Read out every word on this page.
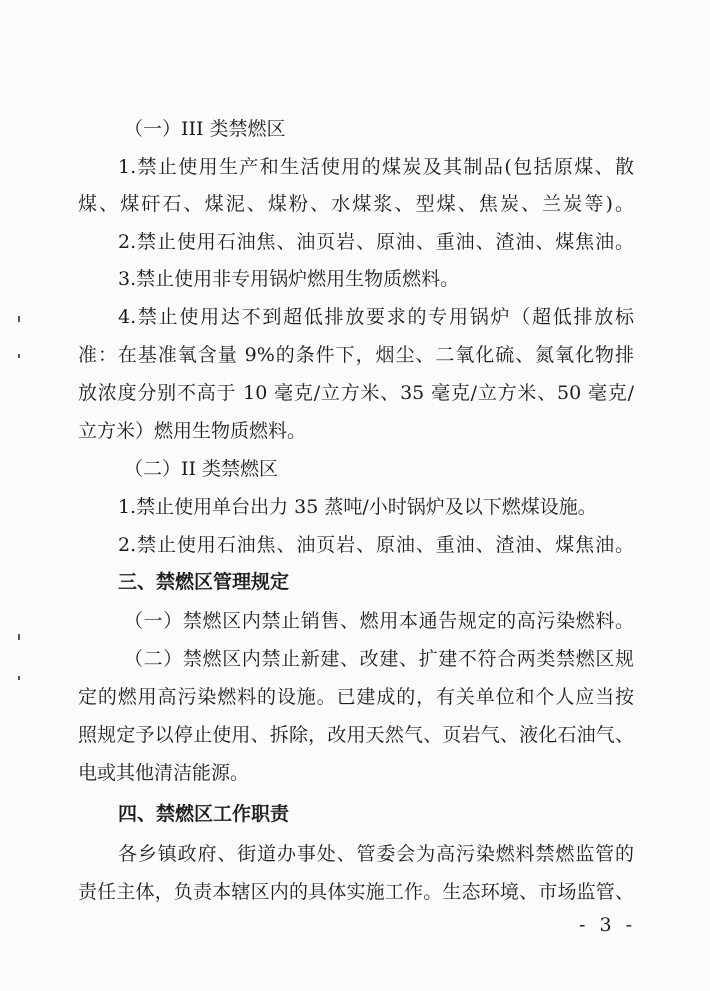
（一）III 类禁燃区
1.禁止使用生产和生活使用的煤炭及其制品(包括原煤、散
煤、煤矸石、煤泥、煤粉、水煤浆、型煤、焦炭、兰炭等)。
2.禁止使用石油焦、油页岩、原油、重油、渣油、煤焦油。
3.禁止使用非专用锅炉燃用生物质燃料。
4.禁止使用达不到超低排放要求的专用锅炉（超低排放标
准：在基准氧含量 9%的条件下，烟尘、二氧化硫、氮氧化物排
放浓度分别不高于 10 毫克/立方米、35 毫克/立方米、50 毫克/
立方米）燃用生物质燃料。
（二）II 类禁燃区
1.禁止使用单台出力 35 蒸吨/小时锅炉及以下燃煤设施。
2.禁止使用石油焦、油页岩、原油、重油、渣油、煤焦油。
三、禁燃区管理规定
（一）禁燃区内禁止销售、燃用本通告规定的高污染燃料。
（二）禁燃区内禁止新建、改建、扩建不符合两类禁燃区规
定的燃用高污染燃料的设施。已建成的，有关单位和个人应当按
照规定予以停止使用、拆除，改用天然气、页岩气、液化石油气、
电或其他清洁能源。
四、禁燃区工作职责
各乡镇政府、街道办事处、管委会为高污染燃料禁燃监管的
责任主体，负责本辖区内的具体实施工作。生态环境、市场监管、
- 3 -
